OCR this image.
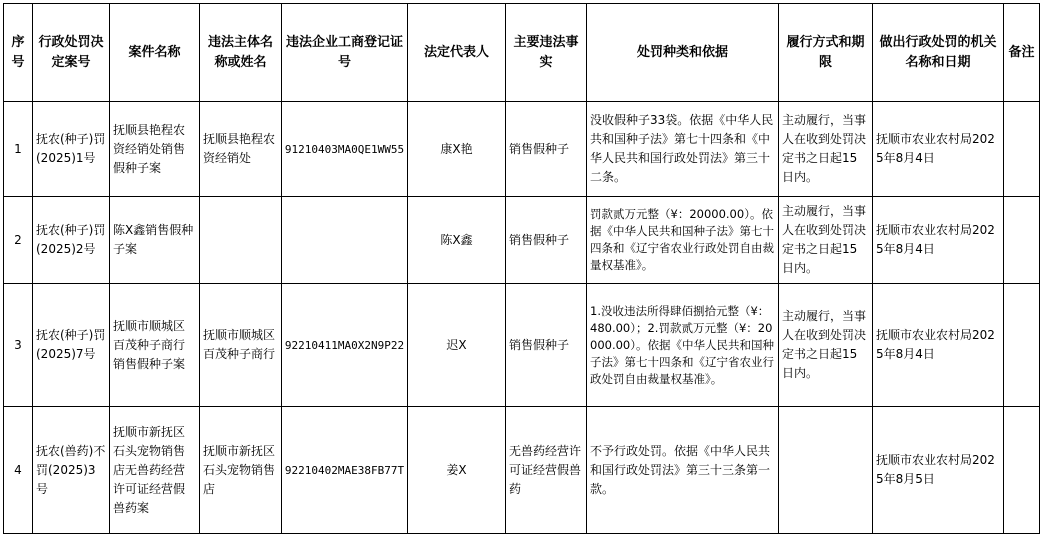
序号	行政处罚决定案号	案件名称	违法主体名称或姓名	违法企业工商登记证号	法定代表人	主要违法事实	处罚种类和依据	履行方式和期限	做出行政处罚的机关名称和日期	备注
1	抚农(种子)罚(2025)1号	抚顺县艳程农资经销处销售假种子案	抚顺县艳程农资经销处	91210403MA0QE1WW55	康X艳	销售假种子	没收假种子33袋。依据《中华人民共和国种子法》第七十四条和《中华人民共和国行政处罚法》第三十二条。	主动履行，当事人在收到处罚决定书之日起15日内。	抚顺市农业农村局2025年8月4日	
2	抚农(种子)罚(2025)2号	陈X鑫销售假种子案			陈X鑫	销售假种子	罚款贰万元整（¥：20000.00）。依据《中华人民共和国种子法》第七十四条和《辽宁省农业行政处罚自由裁量权基准》。	主动履行，当事人在收到处罚决定书之日起15日内。	抚顺市农业农村局2025年8月4日	
3	抚农(种子)罚(2025)7号	抚顺市顺城区百茂种子商行销售假种子案	抚顺市顺城区百茂种子商行	92210411MA0X2N9P22	迟X	销售假种子	1.没收违法所得肆佰捌拾元整（¥：480.00）；2.罚款贰万元整（¥：20000.00）。依据《中华人民共和国种子法》第七十四条和《辽宁省农业行政处罚自由裁量权基准》。	主动履行，当事人在收到处罚决定书之日起15日内。	抚顺市农业农村局2025年8月4日	
4	抚农(兽药)不罚(2025)3号	抚顺市新抚区石头宠物销售店无兽药经营许可证经营假兽药案	抚顺市新抚区石头宠物销售店	92210402MAE38FB77T	姜X	无兽药经营许可证经营假兽药	不予行政处罚。依据《中华人民共和国行政处罚法》第三十三条第一款。		抚顺市农业农村局2025年8月5日	
